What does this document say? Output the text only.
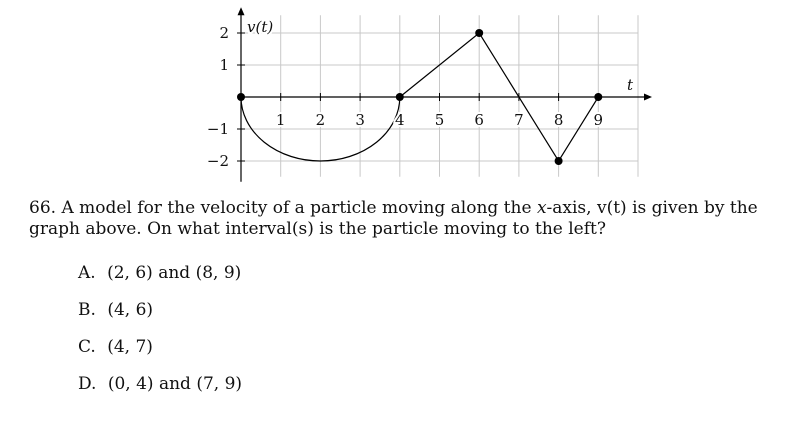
1 2 3 4 5 6 7 8 9
2
1
−1
−2
v(t)
t
66. A model for the velocity of a particle moving along the x-axis, v(t) is given by the graph above. On what interval(s) is the particle moving to the left?
A. (2, 6) and (8, 9)
B. (4, 6)
C. (4, 7)
D. (0, 4) and (7, 9)
